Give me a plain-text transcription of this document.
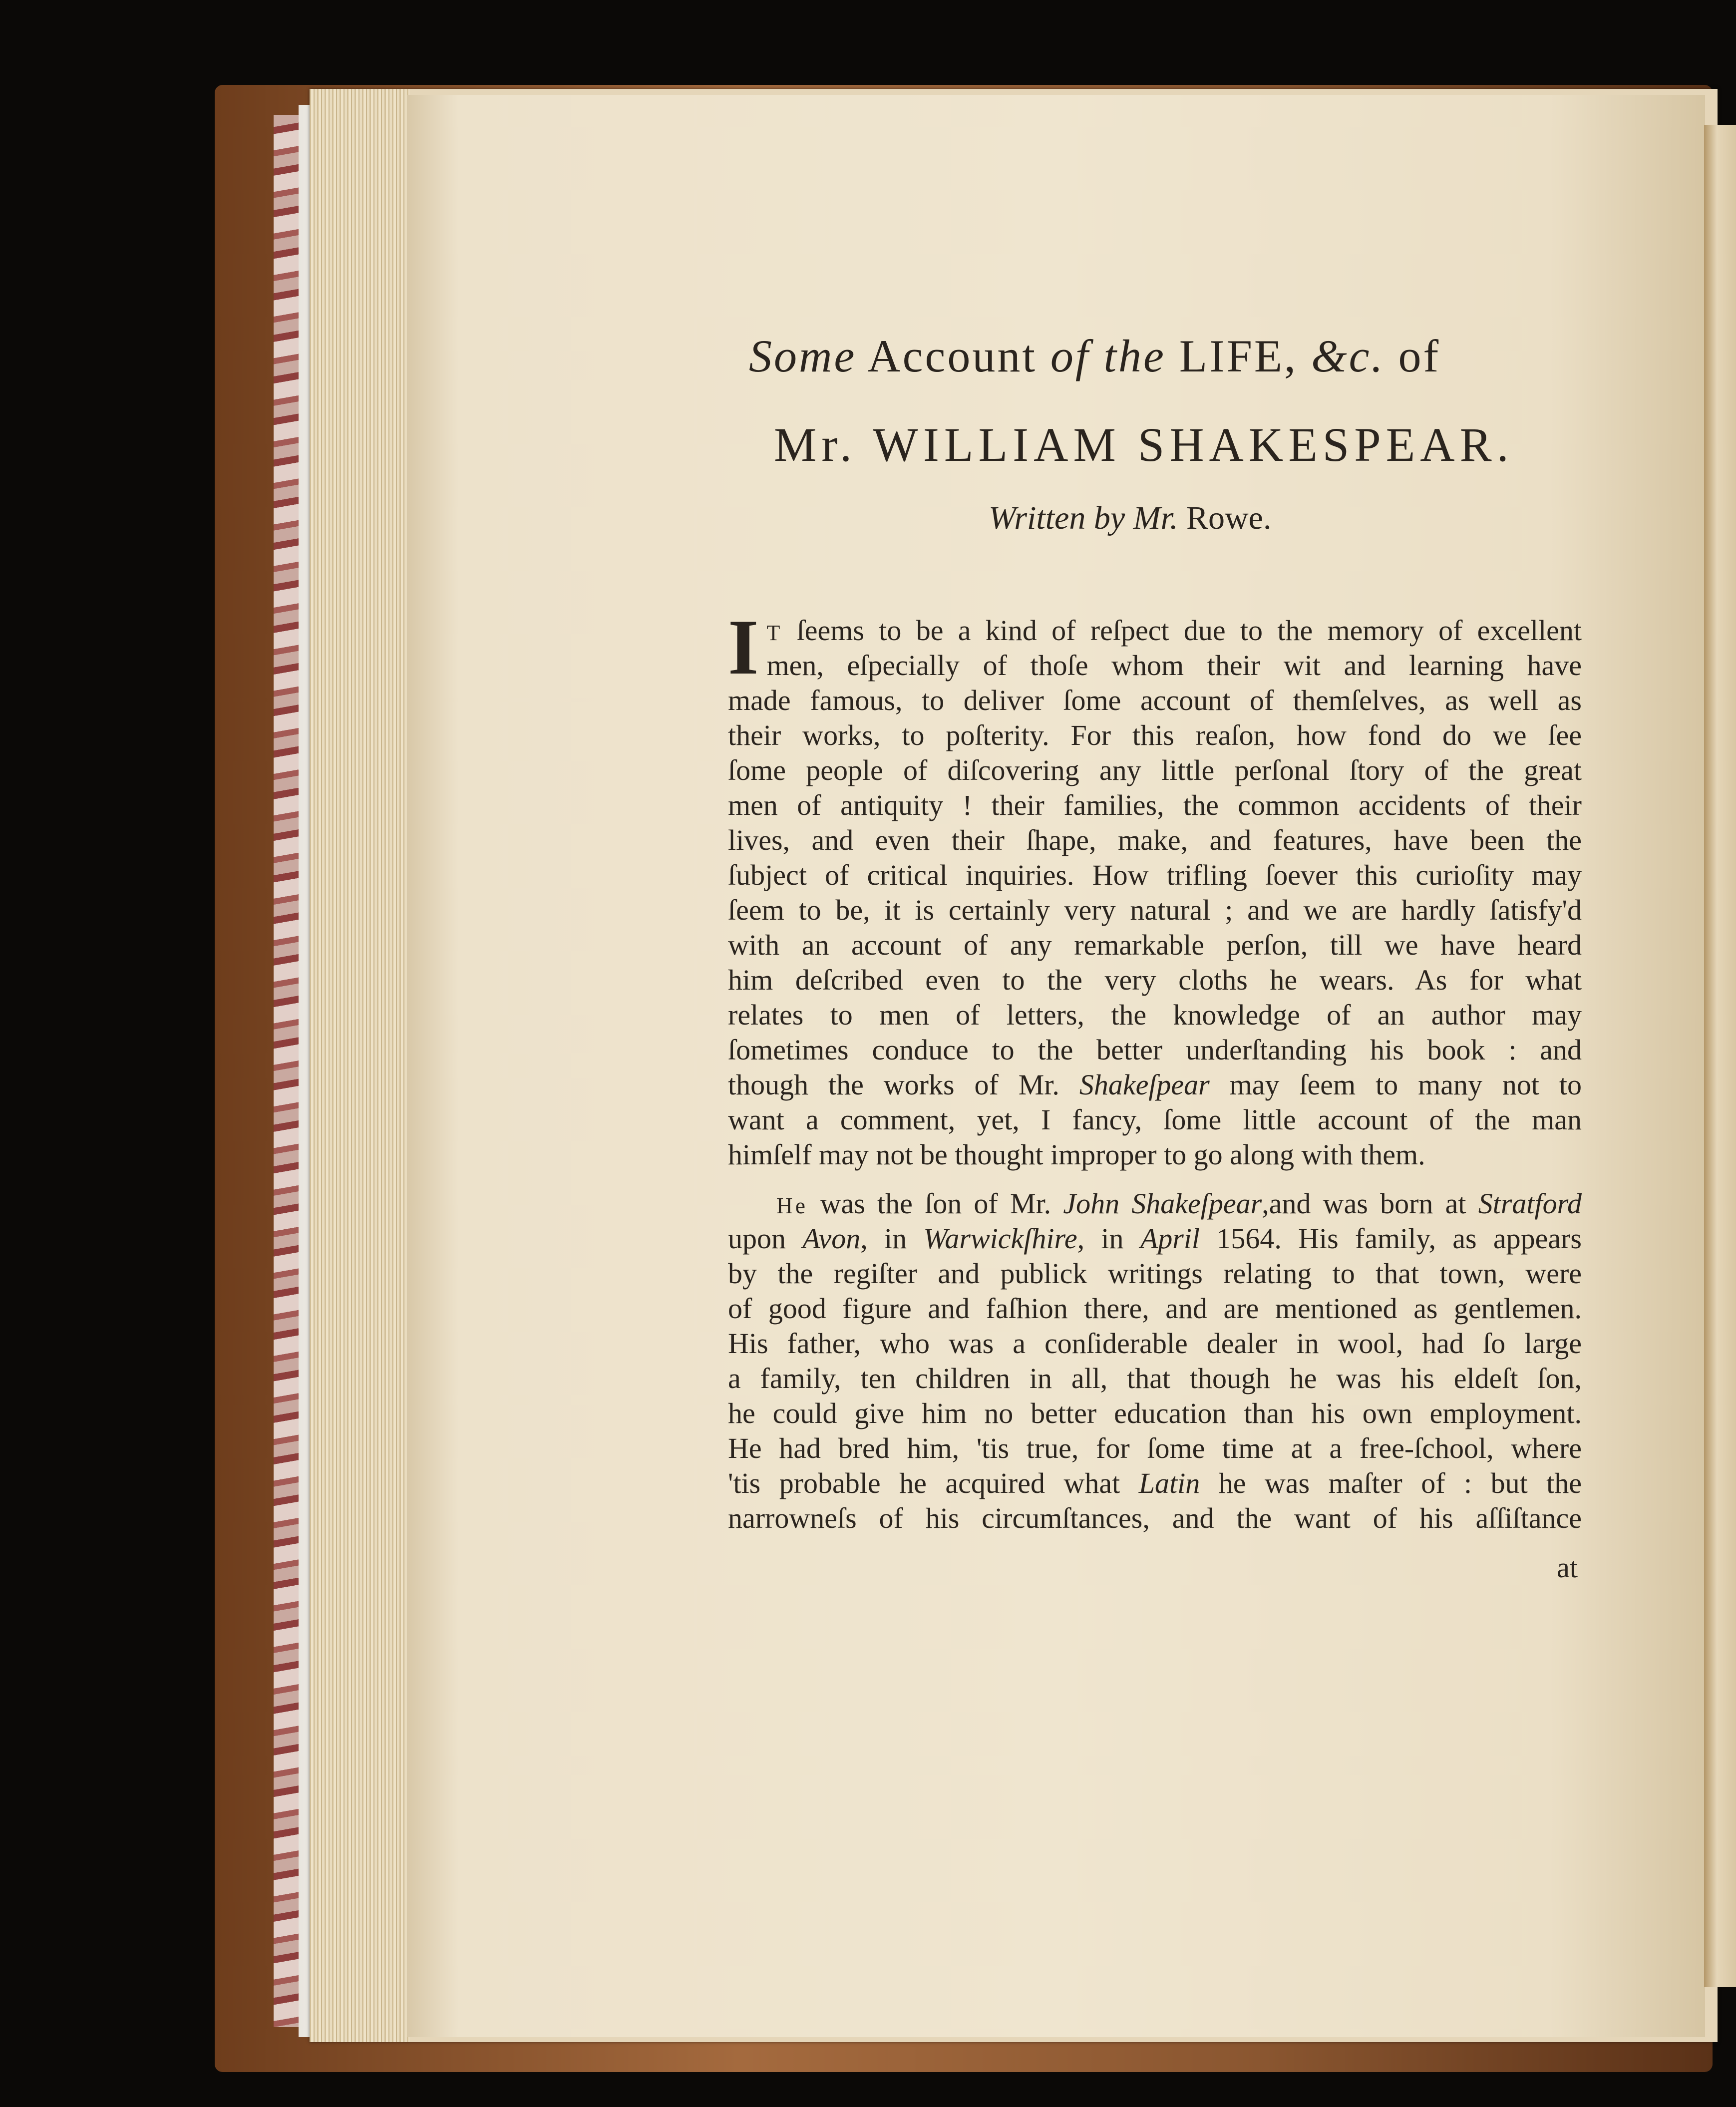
Some Account of the LIFE, &c. of
Mr. WILLIAM SHAKESPEAR.
Written by Mr. Rowe.
I T ſeems to be a kind of reſpect due to the memory of excellent
men, eſpecially of thoſe whom their wit and learning have
made famous, to deliver ſome account of themſelves, as well as
their works, to poſterity. For this reaſon, how fond do we ſee
ſome people of diſcovering any little perſonal ſtory of the great
men of antiquity ! their families, the common accidents of their
lives, and even their ſhape, make, and features, have been the
ſubject of critical inquiries. How trifling ſoever this curioſity may
ſeem to be, it is certainly very natural ; and we are hardly ſatisfy'd
with an account of any remarkable perſon, till we have heard
him deſcribed even to the very cloths he wears. As for what
relates to men of letters, the knowledge of an author may
ſometimes conduce to the better underſtanding his book : and
though the works of Mr. Shakeſpear may ſeem to many not to
want a comment, yet, I fancy, ſome little account of the man
himſelf may not be thought improper to go along with them.
He was the ſon of Mr. John Shakeſpear,and was born at Stratford
upon Avon, in Warwickſhire, in April 1564. His family, as appears
by the regiſter and publick writings relating to that town, were
of good figure and faſhion there, and are mentioned as gentlemen.
His father, who was a conſiderable dealer in wool, had ſo large
a family, ten children in all, that though he was his eldeſt ſon,
he could give him no better education than his own employment.
He had bred him, 'tis true, for ſome time at a free-ſchool, where
'tis probable he acquired what Latin he was maſter of : but the
narrowneſs of his circumſtances, and the want of his aſſiſtance
at
